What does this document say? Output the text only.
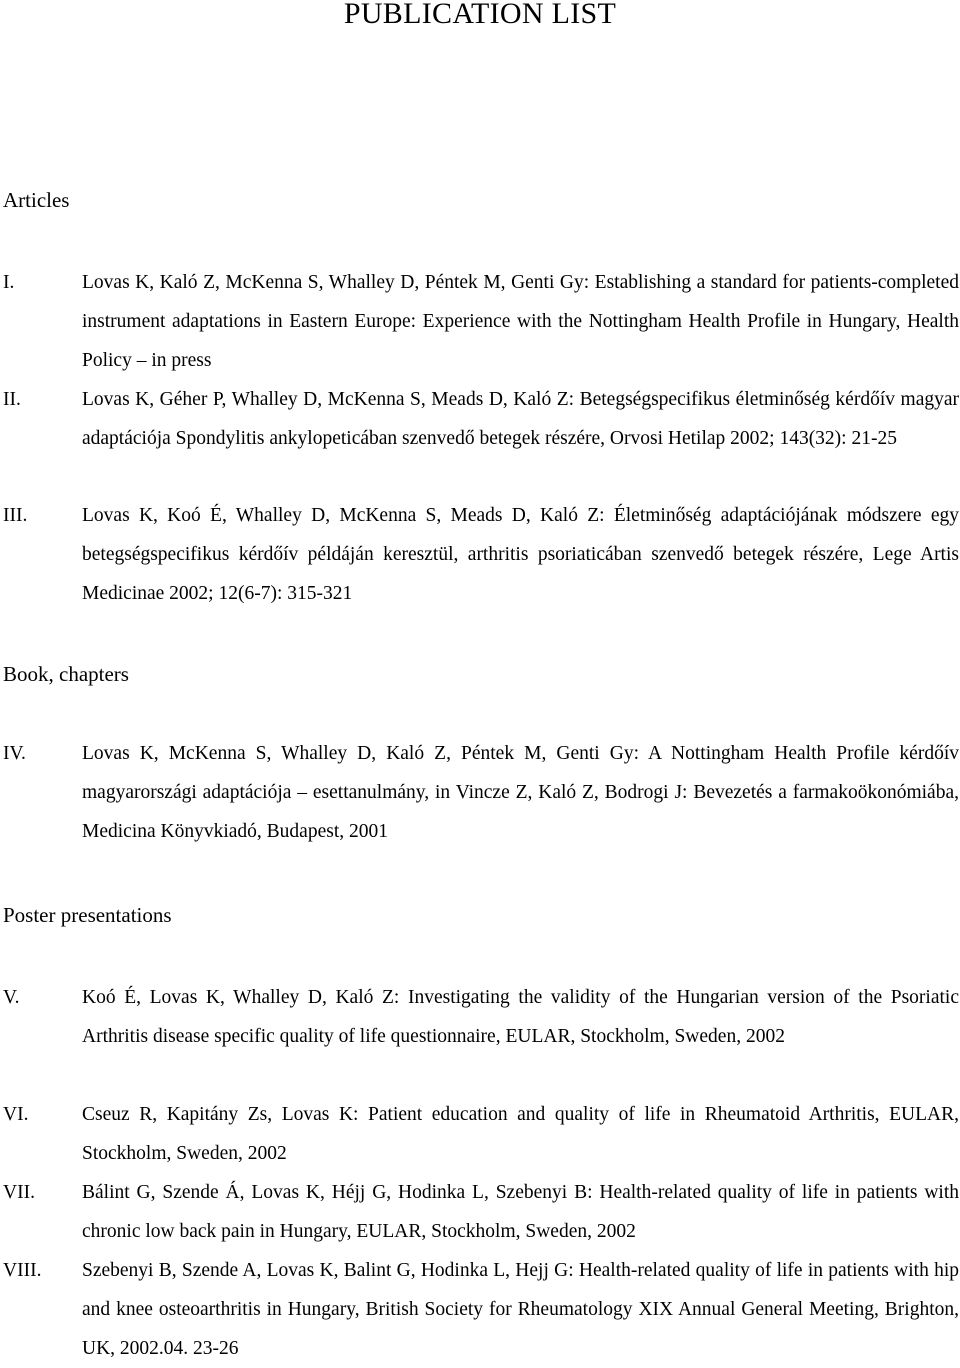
PUBLICATION LIST
Articles
I.	Lovas K, Kaló Z, McKenna S, Whalley D, Péntek M, Genti Gy: Establishing a standard for patients-completed instrument adaptations in Eastern Europe: Experience with the Nottingham Health Profile in Hungary, Health Policy – in press

II.	Lovas K, Géher P, Whalley D, McKenna S, Meads D, Kaló Z: Betegségspecifikus életminőség kérdőív magyar adaptációja Spondylitis ankylopeticában szenvedő betegek részére, Orvosi Hetilap 2002; 143(32): 21-25

III.	Lovas K, Koó É, Whalley D, McKenna S, Meads D, Kaló Z: Életminőség adaptációjának módszere egy betegségspecifikus kérdőív példáján keresztül, arthritis psoriaticában szenvedő betegek részére, Lege Artis Medicinae 2002; 12(6-7): 315-321

Book, chapters
IV.	Lovas K, McKenna S, Whalley D, Kaló Z, Péntek M, Genti Gy: A Nottingham Health Profile kérdőív magyarországi adaptációja – esettanulmány, in Vincze Z, Kaló Z, Bodrogi J: Bevezetés a farmakoökonómiába, Medicina Könyvkiadó, Budapest, 2001

Poster presentations
V.	Koó É, Lovas K, Whalley D, Kaló Z: Investigating the validity of the Hungarian version of the Psoriatic Arthritis disease specific quality of life questionnaire, EULAR, Stockholm, Sweden, 2002

VI.	Cseuz R, Kapitány Zs, Lovas K: Patient education and quality of life in Rheumatoid Arthritis, EULAR, Stockholm, Sweden, 2002

VII. Bálint G, Szende Á, Lovas K, Héjj G, Hodinka L, Szebenyi B: Health-related quality of life in patients with chronic low back pain in Hungary, EULAR, Stockholm, Sweden, 2002

VIII. Szebenyi B, Szende A, Lovas K, Balint G, Hodinka L, Hejj G: Health-related quality of life in patients with hip and knee osteoarthritis in Hungary, British Society for Rheumatology XIX Annual General Meeting, Brighton, UK, 2002.04. 23-26
